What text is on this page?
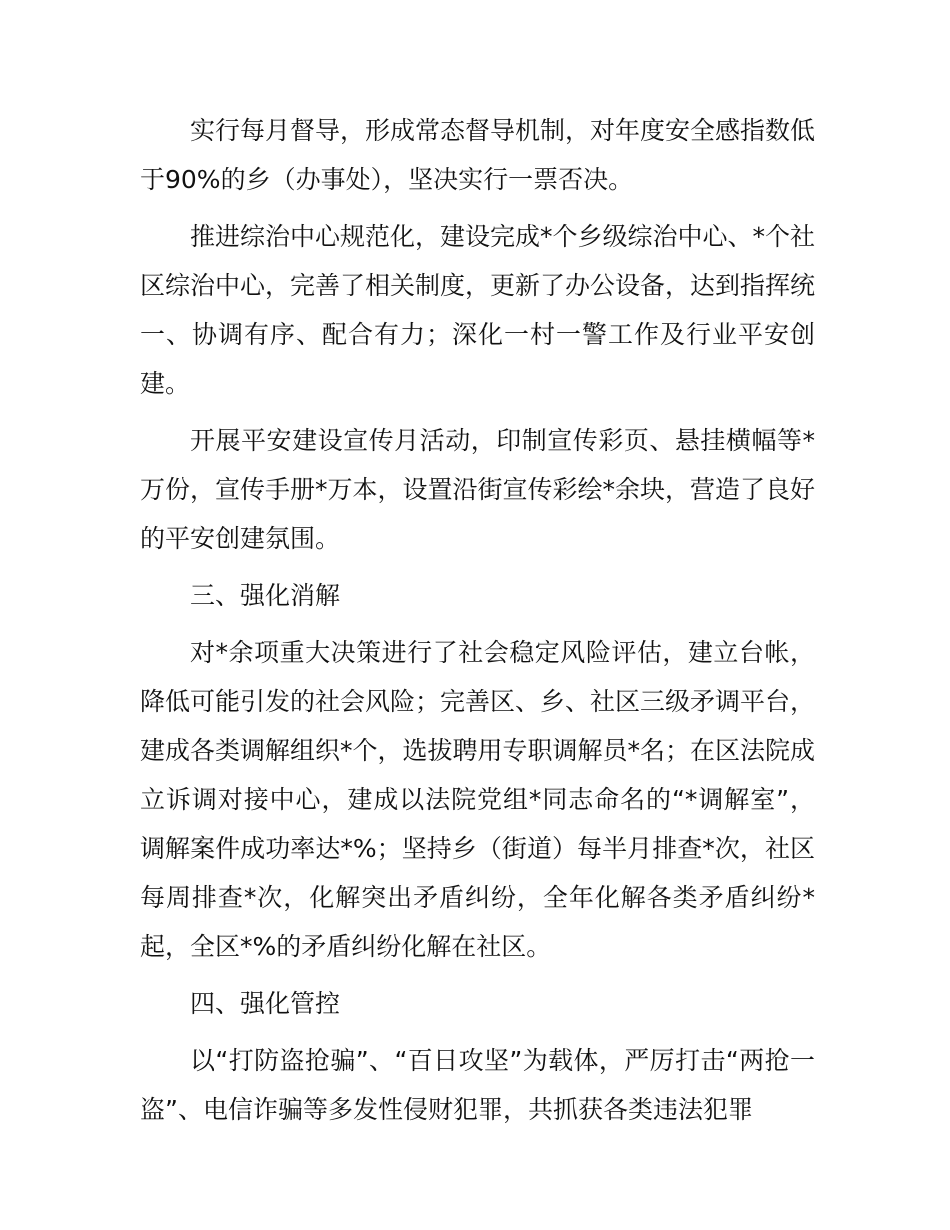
实行每月督导，形成常态督导机制，对年度安全感指数低于90%的乡（办事处），坚决实行一票否决。

推进综治中心规范化，建设完成*个乡级综治中心、*个社区综治中心，完善了相关制度，更新了办公设备，达到指挥统一、协调有序、配合有力；深化一村一警工作及行业平安创建。

开展平安建设宣传月活动，印制宣传彩页、悬挂横幅等*万份，宣传手册*万本，设置沿街宣传彩绘*余块，营造了良好的平安创建氛围。

三、强化消解

对*余项重大决策进行了社会稳定风险评估，建立台帐，降低可能引发的社会风险；完善区、乡、社区三级矛调平台，建成各类调解组织*个，选拔聘用专职调解员*名；在区法院成立诉调对接中心，建成以法院党组*同志命名的“*调解室”，调解案件成功率达*%；坚持乡（街道）每半月排查*次，社区每周排查*次，化解突出矛盾纠纷，全年化解各类矛盾纠纷*起，全区*%的矛盾纠纷化解在社区。

四、强化管控

以“打防盗抢骗”、“百日攻坚”为载体，严厉打击“两抢一盗”、电信诈骗等多发性侵财犯罪，共抓获各类违法犯罪
